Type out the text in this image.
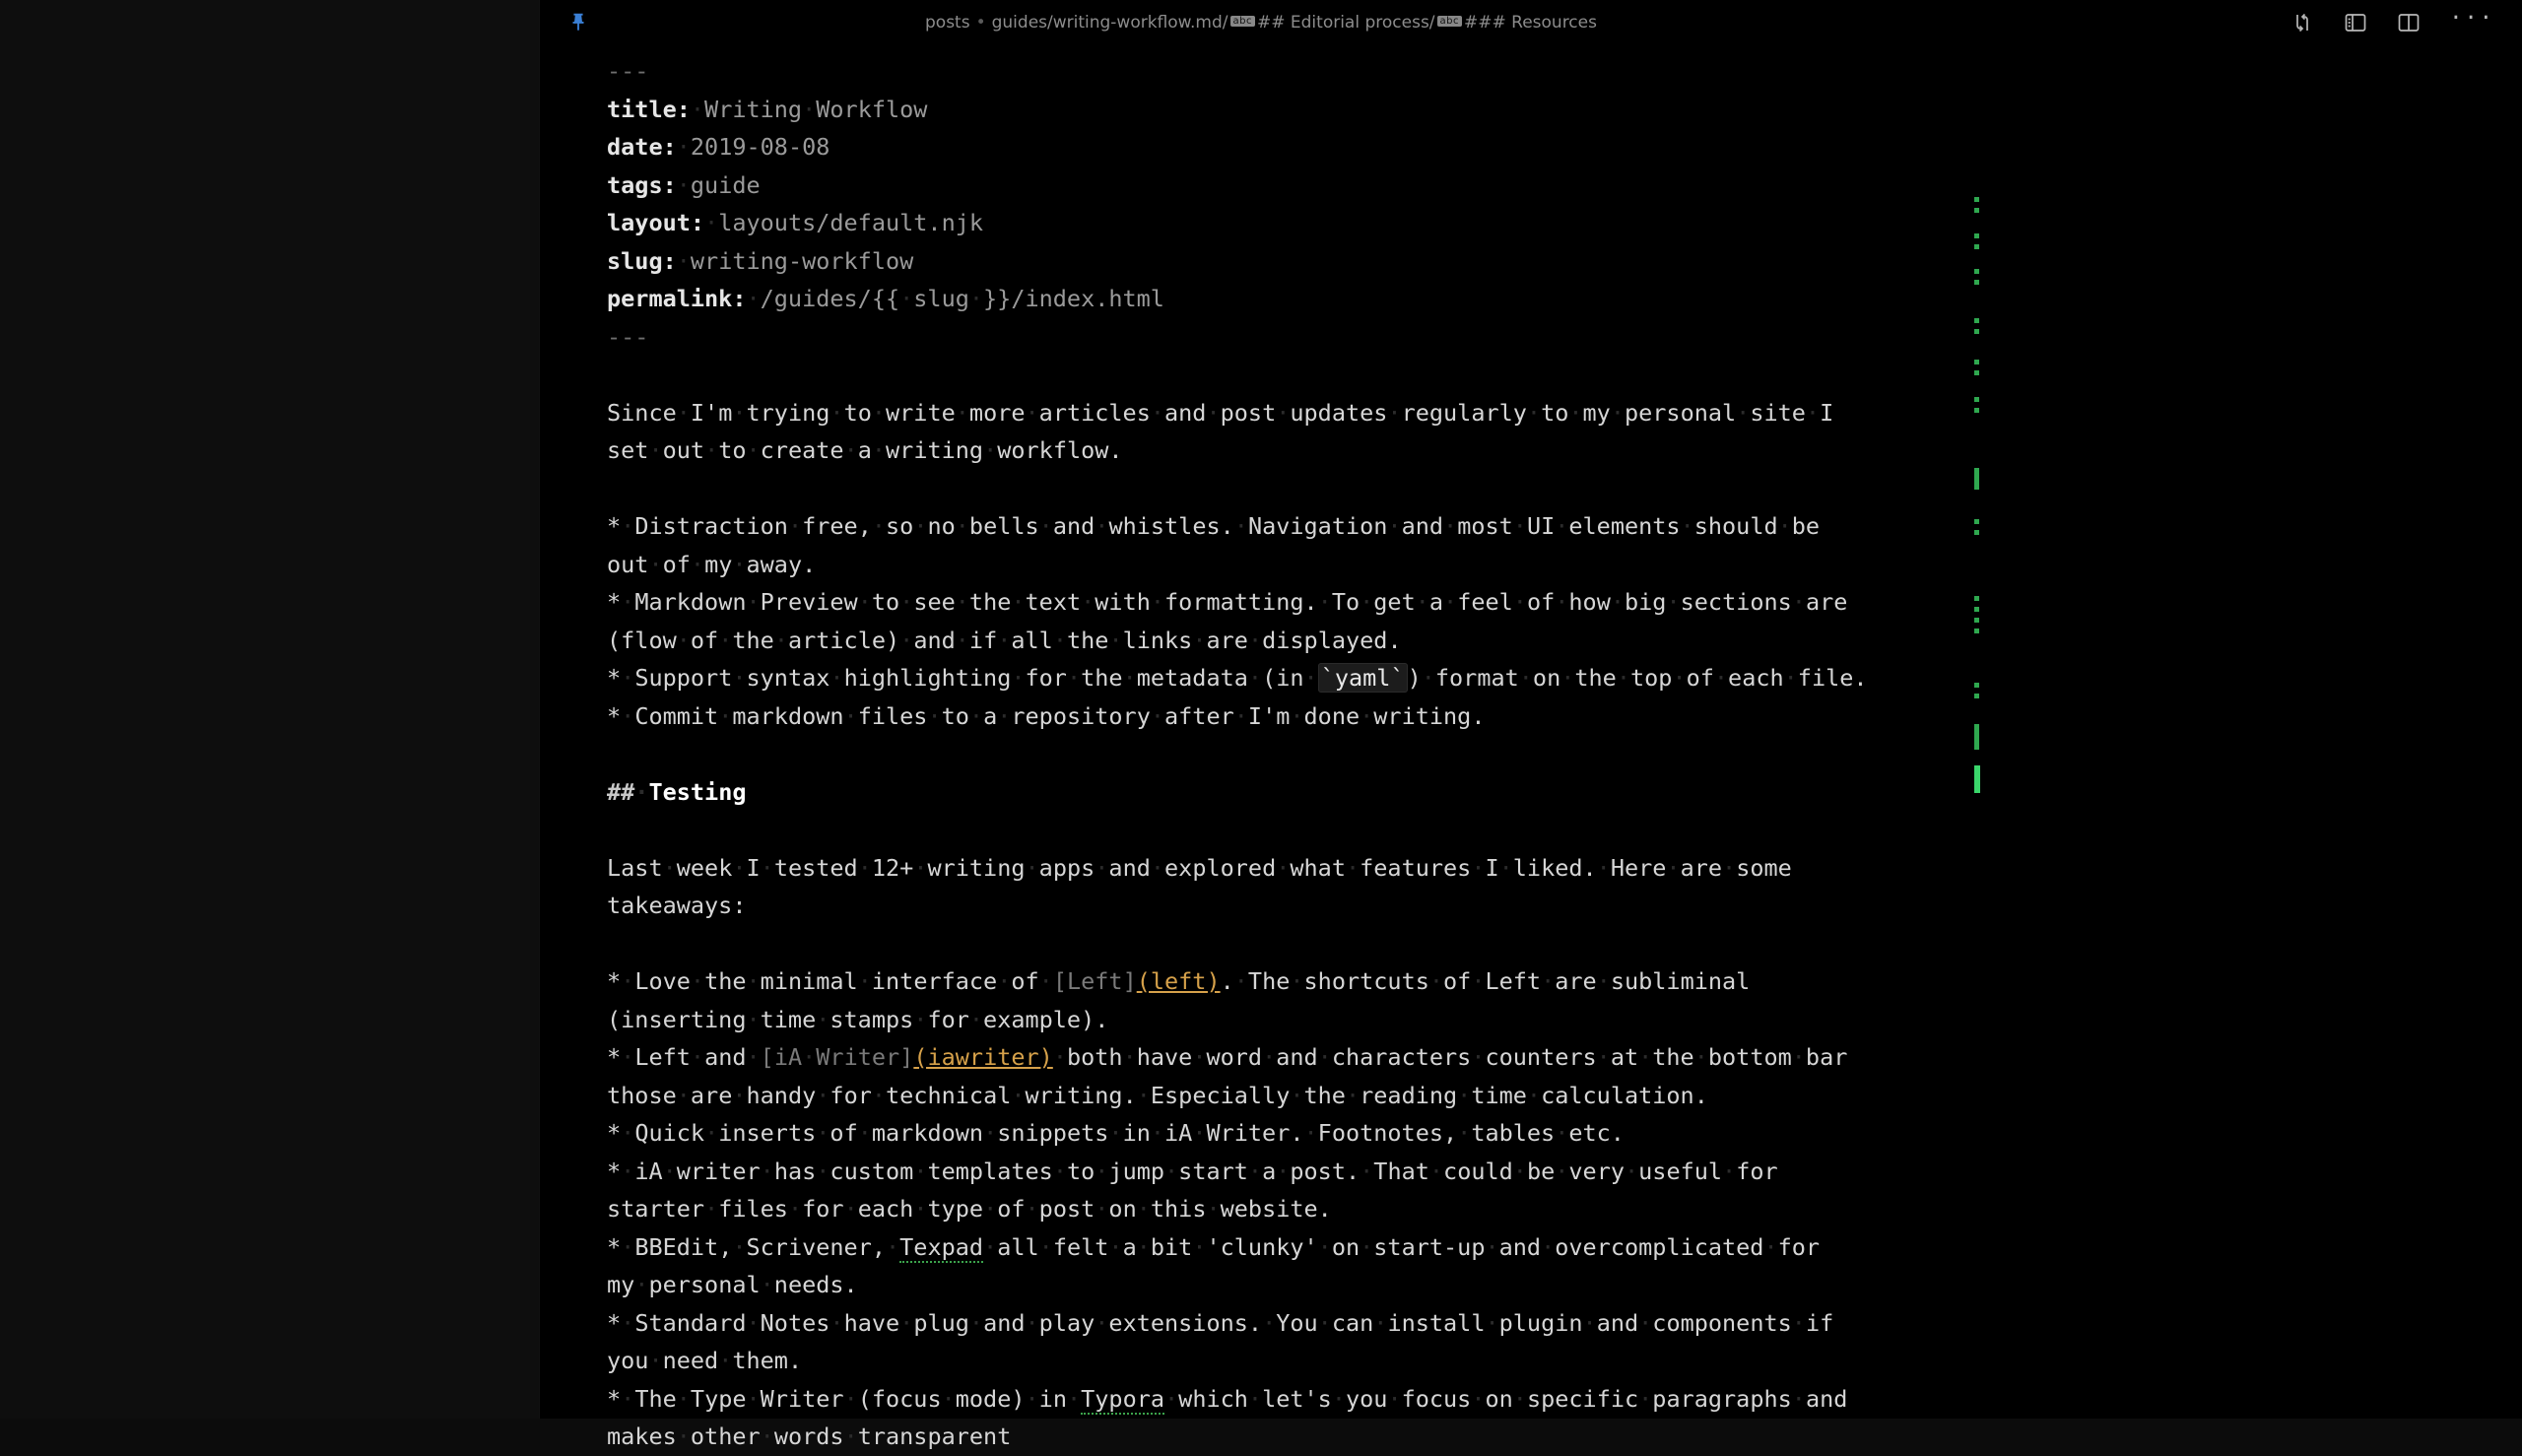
posts • guides/writing-workflow.md/ abc ## Editorial process/ abc ### Resources	···
---
title:·Writing·Workflow
date:·2019-08-08
tags:·guide
layout:·layouts/default.njk
slug:·writing-workflow
permalink:·/guides/{{·slug·}}/index.html
---

Since·I'm·trying·to·write·more·articles·and·post·updates·regularly·to·my·personal·site·I
set·out·to·create·a·writing·workflow.

*·Distraction·free,·so·no·bells·and·whistles.·Navigation·and·most·UI·elements·should·be
out·of·my·away.
*·Markdown·Preview·to·see·the·text·with·formatting.·To·get·a·feel·of·how·big·sections·are
(flow·of·the·article)·and·if·all·the·links·are·displayed.
*·Support·syntax·highlighting·for·the·metadata·(in· `yaml` )·format·on·the·top·of·each·file.
*·Commit·markdown·files·to·a·repository·after·I'm·done·writing.

##·Testing

Last·week·I·tested·12+·writing·apps·and·explored·what·features·I·liked.·Here·are·some
takeaways:

*·Love·the·minimal·interface·of·[Left](left).·The·shortcuts·of·Left·are·subliminal
(inserting·time·stamps·for·example).
*·Left·and·[iA·Writer](iawriter)·both·have·word·and·characters·counters·at·the·bottom·bar
those·are·handy·for·technical·writing.·Especially·the·reading·time·calculation.
*·Quick·inserts·of·markdown·snippets·in·iA·Writer.·Footnotes,·tables·etc.
*·iA·writer·has·custom·templates·to·jump·start·a·post.·That·could·be·very·useful·for
starter·files·for·each·type·of·post·on·this·website.
*·BBEdit,·Scrivener,·Texpad·all·felt·a·bit·'clunky'·on·start-up·and·overcomplicated·for
my·personal·needs.
*·Standard·Notes·have·plug·and·play·extensions.·You·can·install·plugin·and·components·if
you·need·them.
*·The·Type·Writer·(focus·mode)·in·Typora·which·let's·you·focus·on·specific·paragraphs·and
makes·other·words·transparent
